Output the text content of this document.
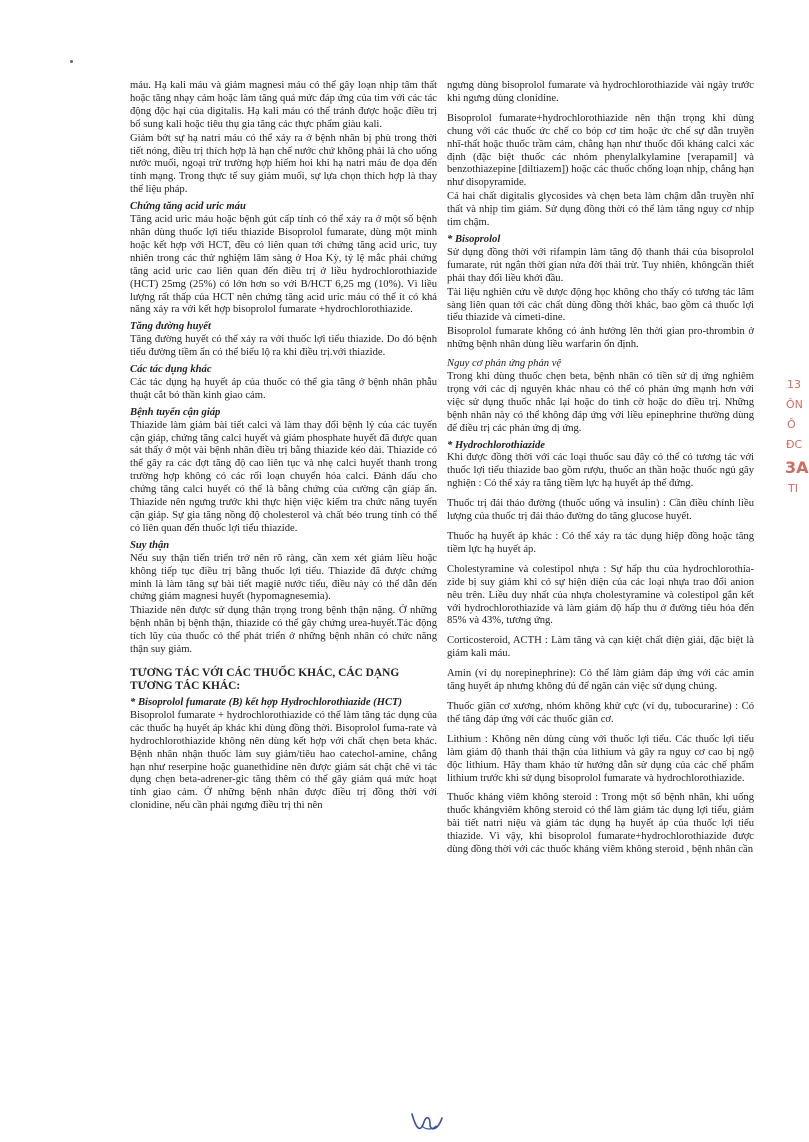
máu. Hạ kali máu và giảm magnesi máu có thể gây loạn nhịp tâm thất hoặc tăng nhạy cảm hoặc làm tăng quá mức đáp ứng của tim với các tác động độc hại của digitalis. Hạ kali máu có thể tránh được hoặc điều trị bổ sung kali hoặc tiêu thụ gia tăng các thực phẩm giàu kali.

Giảm bớt sự hạ natri máu có thể xảy ra ở bệnh nhân bị phù trong thời tiết nóng, điều trị thích hợp là hạn chế nước chứ không phải là cho uống nước muối, ngoại trừ trường hợp hiếm hoi khi hạ natri máu đe dọa đến tính mạng. Trong thực tế suy giảm muối, sự lựa chọn thích hợp là thay thế liệu pháp.

Chứng tăng acid uric máu

Tăng acid uric máu hoặc bệnh gút cấp tính có thể xảy ra ở một số bệnh nhân dùng thuốc lợi tiểu thiazide Bisoprolol fumarate, dùng một mình hoặc kết hợp với HCT, đều có liên quan tới chứng tăng acid uric, tuy nhiên trong các thử nghiệm lâm sàng ở Hoa Kỳ, tỷ lệ mắc phải chứng tăng acid uric cao liên quan đến điều trị ở liều hydrochlorothiazide (HCT) 25mg (25%) có lớn hơn so với B/HCT 6,25 mg (10%). Vì liều lượng rất thấp của HCT nên chứng tăng acid uric máu có thể ít có khả năng xảy ra với kết hợp bisoprolol fumarate +hydrochlorothiazide.

Tăng đường huyết

Tăng đường huyết có thể xảy ra với thuốc lợi tiểu thiazide. Do đó bệnh tiểu đường tiềm ẩn có thể biểu lộ ra khi điều trị.với thiazide.

Các tác dụng khác

Các tác dụng hạ huyết áp của thuốc có thể gia tăng ở bệnh nhân phẫu thuật cắt bỏ thần kinh giao cảm.

Bệnh tuyến cận giáp

Thiazide làm giảm bài tiết calci và làm thay đổi bệnh lý của các tuyến cận giáp, chứng tăng calci huyết và giảm phosphate huyết đã được quan sát thấy ở một vài bệnh nhân điều trị bằng thiazide kéo dài. Thiazide có thể gây ra các đợt tăng độ cao liên tục và nhẹ calci huyết thanh trong trường hợp không có các rối loạn chuyển hóa calci. Đánh dấu cho chứng tăng calci huyết có thể là bằng chứng của cường cận giáp ẩn. Thiazide nên ngưng trước khi thực hiện việc kiểm tra chức năng tuyến cận giáp. Sự gia tăng nồng độ cholesterol và chất béo trung tính có thể có liên quan đến thuốc lợi tiểu thiazide.

Suy thận

Nếu suy thận tiến triển trở nên rõ ràng, cần xem xét giảm liều hoặc không tiếp tục điều trị bằng thuốc lợi tiểu. Thiazide đã được chứng minh là làm tăng sự bài tiết magiê nước tiểu, điều này có thể dẫn đến chứng giảm magnesi huyết (hypomagnesemia).

Thiazide nên được sử dụng thận trọng trong bệnh thận nặng. Ở những bệnh nhân bị bệnh thận, thiazide có thể gây chứng urea-huyết.Tác động tích lũy của thuốc có thể phát triển ở những bệnh nhân có chức năng thận suy giảm.

TƯƠNG TÁC VỚI CÁC THUỐC KHÁC, CÁC DẠNG TƯƠNG TÁC KHÁC:
* Bisoprolol fumarate (B) kết hợp Hydrochlorothiazide (HCT)

Bisoprolol fumarate + hydrochlorothiazide có thể làm tăng tác dụng của các thuốc hạ huyết áp khác khi dùng đồng thời. Bisoprolol fuma-rate và hydrochlorothiazide không nên dùng kết hợp với chất chẹn beta khác. Bệnh nhân nhận thuốc làm suy giảm/tiêu hao catechol-amine, chẳng hạn như reserpine hoặc guanethidine nên được giám sát chặt chẽ vì tác dụng chẹn beta-adrener-gic tăng thêm có thể gây giảm quá mức hoạt tính giao cảm. Ở những bệnh nhân được điều trị đồng thời với clonidine, nếu cần phải ngưng điều trị thì nên

ngưng dùng bisoprolol fumarate và hydrochlorothiazide vài ngày trước khi ngưng dùng clonidine.

Bisoprolol fumarate+hydrochlorothiazide nên thận trọng khi dùng chung với các thuốc ức chế co bóp cơ tim hoặc ức chế sự dẫn truyền nhĩ-thất hoặc thuốc trầm cảm, chẳng hạn như thuốc đối kháng calci xác định (đặc biệt thuốc các nhóm phenylalkylamine [verapamil] và benzothiazepine [diltiazem]) hoặc các thuốc chống loạn nhịp, chẳng hạn như disopyramide.

Cả hai chất digitalis glycosides và chẹn beta làm chậm dẫn truyền nhĩ thất và nhịp tim giảm. Sử dụng đồng thời có thể làm tăng nguy cơ nhịp tim chậm.

* Bisoprolol

Sử dụng đồng thời với rifampin làm tăng độ thanh thải của bisoprolol fumarate, rút ngắn thời gian nửa đời thải trừ. Tuy nhiên, khôngcần thiết phải thay đổi liều khởi đầu.

Tài liệu nghiên cứu về dược động học không cho thấy có tương tác lâm sàng liên quan tới các chất dùng đồng thời khác, bao gồm cả thuốc lợi tiểu thiazide và cimeti-dine.

Bisoprolol fumarate không có ảnh hưởng lên thời gian pro-thrombin ở những bệnh nhân dùng liều warfarin ổn định.

Nguy cơ phản ứng phản vệ

Trong khi dùng thuốc chẹn beta, bệnh nhân có tiền sử dị ứng nghiêm trọng với các dị nguyên khác nhau có thể có phản ứng mạnh hơn với việc sử dụng thuốc nhắc lại hoặc do tình cờ hoặc do điều trị. Những bệnh nhân này có thể không đáp ứng với liều epinephrine thường dùng để điều trị các phản ứng dị ứng.

* Hydrochlorothiazide

Khi được đồng thời với các loại thuốc sau đây có thể có tương tác với thuốc lợi tiểu thiazide bao gồm rượu, thuốc an thần hoặc thuốc ngủ gây nghiện : Có thể xảy ra tăng tiềm lực hạ huyết áp thế đứng.

Thuốc trị đái tháo đường (thuốc uống và insulin) : Cần điều chỉnh liều lượng của thuốc trị đái tháo đường do tăng glucose huyết.

Thuốc hạ huyết áp khác : Có thể xảy ra tác dụng hiệp đồng hoặc tăng tiềm lực hạ huyết áp.

Cholestyramine và colestipol nhựa : Sự hấp thu của hydrochlorothia-zide bị suy giảm khi có sự hiện diện của các loại nhựa trao đổi anion nêu trên. Liều duy nhất của nhựa cholestyramine và colestipol gắn kết với hydrochlorothiazide và làm giảm độ hấp thu ở đường tiêu hóa đến 85% và 43%, tương ứng.

Corticosteroid, ACTH : Làm tăng và cạn kiệt chất điện giải, đặc biệt là giảm kali máu.

Amin (ví dụ norepinephrine): Có thể làm giảm đáp ứng với các amin tăng huyết áp nhưng không đủ để ngăn cản việc sử dụng chúng.

Thuốc giãn cơ xương, nhóm không khử cực (ví dụ, tubocurarine) : Có thể tăng đáp ứng với các thuốc giãn cơ.

Lithium : Không nên dùng cùng với thuốc lợi tiểu. Các thuốc lợi tiểu làm giảm độ thanh thải thận của lithium và gây ra nguy cơ cao bị ngộ độc lithium. Hãy tham khảo từ hướng dẫn sử dụng của các chế phẩm lithium trước khi sử dụng bisoprolol fumarate và hydrochlorothiazide.

Thuốc kháng viêm không steroid : Trong một số bệnh nhân, khi uống thuốc khángviêm không steroid có thể làm giảm tác dụng lợi tiểu, giảm bài tiết natri niệu và giảm tác dụng hạ huyết áp của thuốc lợi tiểu thiazide. Vì vậy, khi bisoprolol fumarate+hydrochlorothiazide được dùng đồng thời với các thuốc kháng viêm không steroid , bệnh nhân cần

13
ÔN
Ô
ĐC
3A
TI
